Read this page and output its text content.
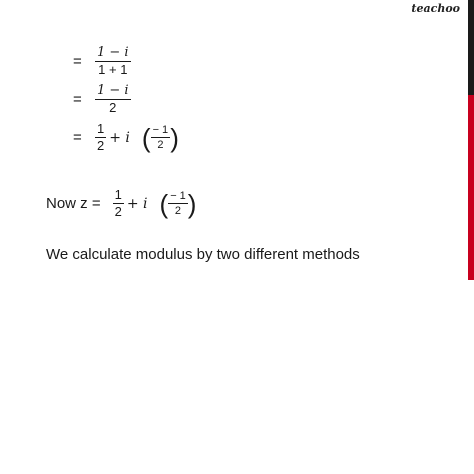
teachoo
=	$\frac{1 - i}{1 + 1}$
=	$\frac{1 - i}{2}$
=	$\frac{1}{2} + i$ ( $\frac{- 1}{2}$ )
Now $z = \frac{1}{2} + i$ ( $\frac{- 1}{2}$ )
We calculate modulus by two different methods
